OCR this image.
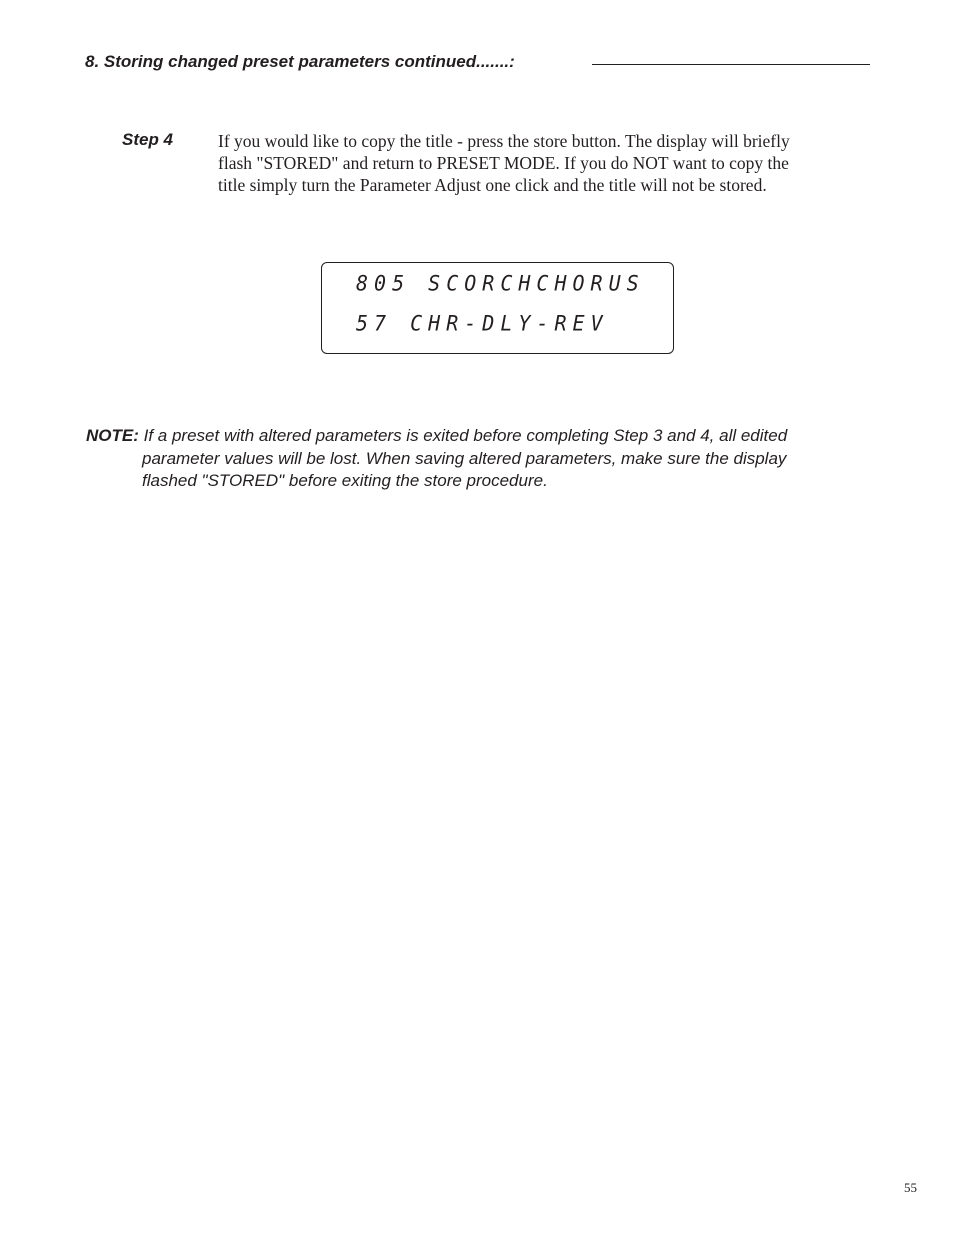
8. Storing changed preset parameters continued.......:
Step 4	If you would like to copy the title - press the store button. The display will briefly
flash "STORED" and return to PRESET MODE. If you do NOT want to copy the
title simply turn the Parameter Adjust one click and the title will not be stored.
805 SCORCHCHORUS
57 CHR-DLY-REV
NOTE: If a preset with altered parameters is exited before completing Step 3 and 4, all edited
parameter values will be lost. When saving altered parameters, make sure the display
flashed "STORED" before exiting the store procedure.
55
